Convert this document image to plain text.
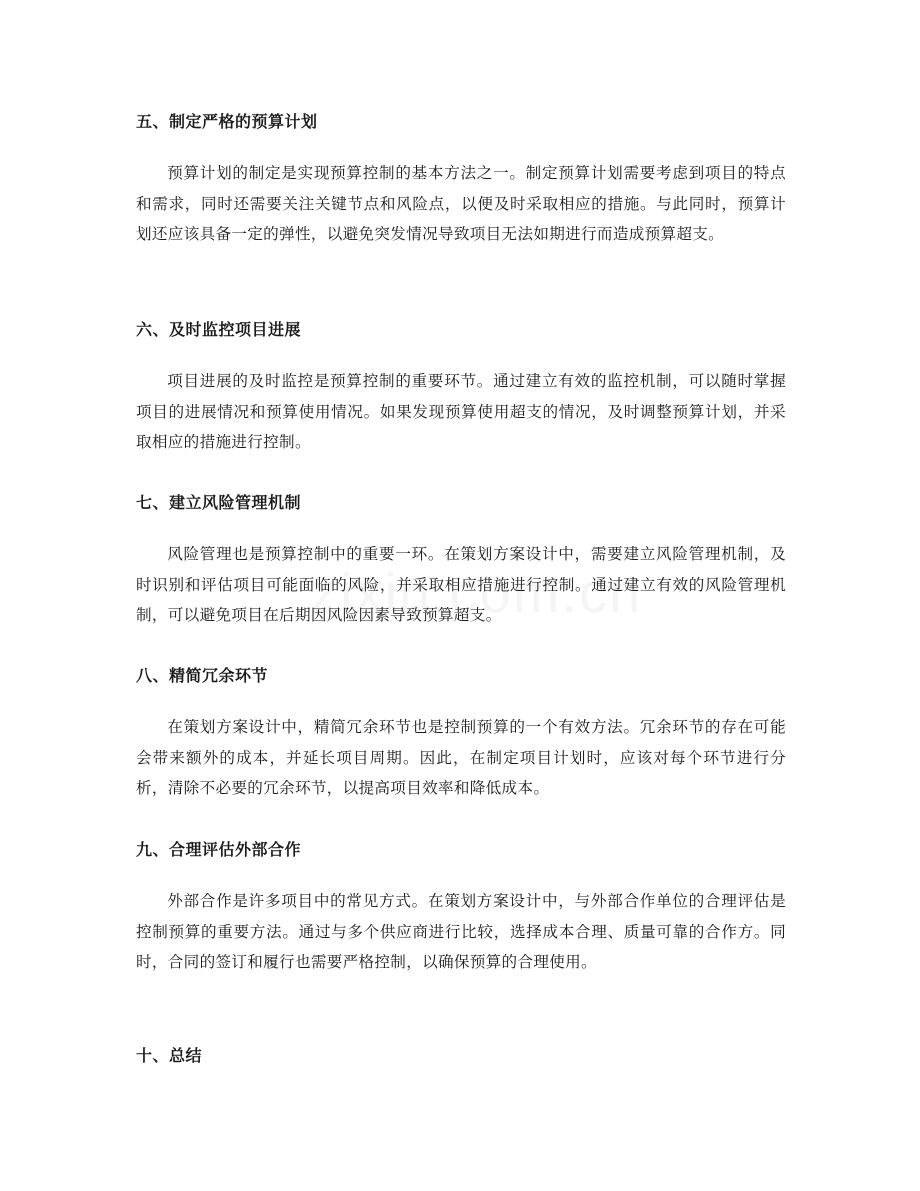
五、制定严格的预算计划

预算计划的制定是实现预算控制的基本方法之一。制定预算计划需要考虑到项目的特点和需求，同时还需要关注关键节点和风险点，以便及时采取相应的措施。与此同时，预算计划还应该具备一定的弹性，以避免突发情况导致项目无法如期进行而造成预算超支。

六、及时监控项目进展

项目进展的及时监控是预算控制的重要环节。通过建立有效的监控机制，可以随时掌握项目的进展情况和预算使用情况。如果发现预算使用超支的情况，及时调整预算计划，并采取相应的措施进行控制。

七、建立风险管理机制

风险管理也是预算控制中的重要一环。在策划方案设计中，需要建立风险管理机制，及时识别和评估项目可能面临的风险，并采取相应措施进行控制。通过建立有效的风险管理机制，可以避免项目在后期因风险因素导致预算超支。

八、精简冗余环节

在策划方案设计中，精简冗余环节也是控制预算的一个有效方法。冗余环节的存在可能会带来额外的成本，并延长项目周期。因此，在制定项目计划时，应该对每个环节进行分析，清除不必要的冗余环节，以提高项目效率和降低成本。

九、合理评估外部合作

外部合作是许多项目中的常见方式。在策划方案设计中，与外部合作单位的合理评估是控制预算的重要方法。通过与多个供应商进行比较，选择成本合理、质量可靠的合作方。同时，合同的签订和履行也需要严格控制，以确保预算的合理使用。

十、总结
